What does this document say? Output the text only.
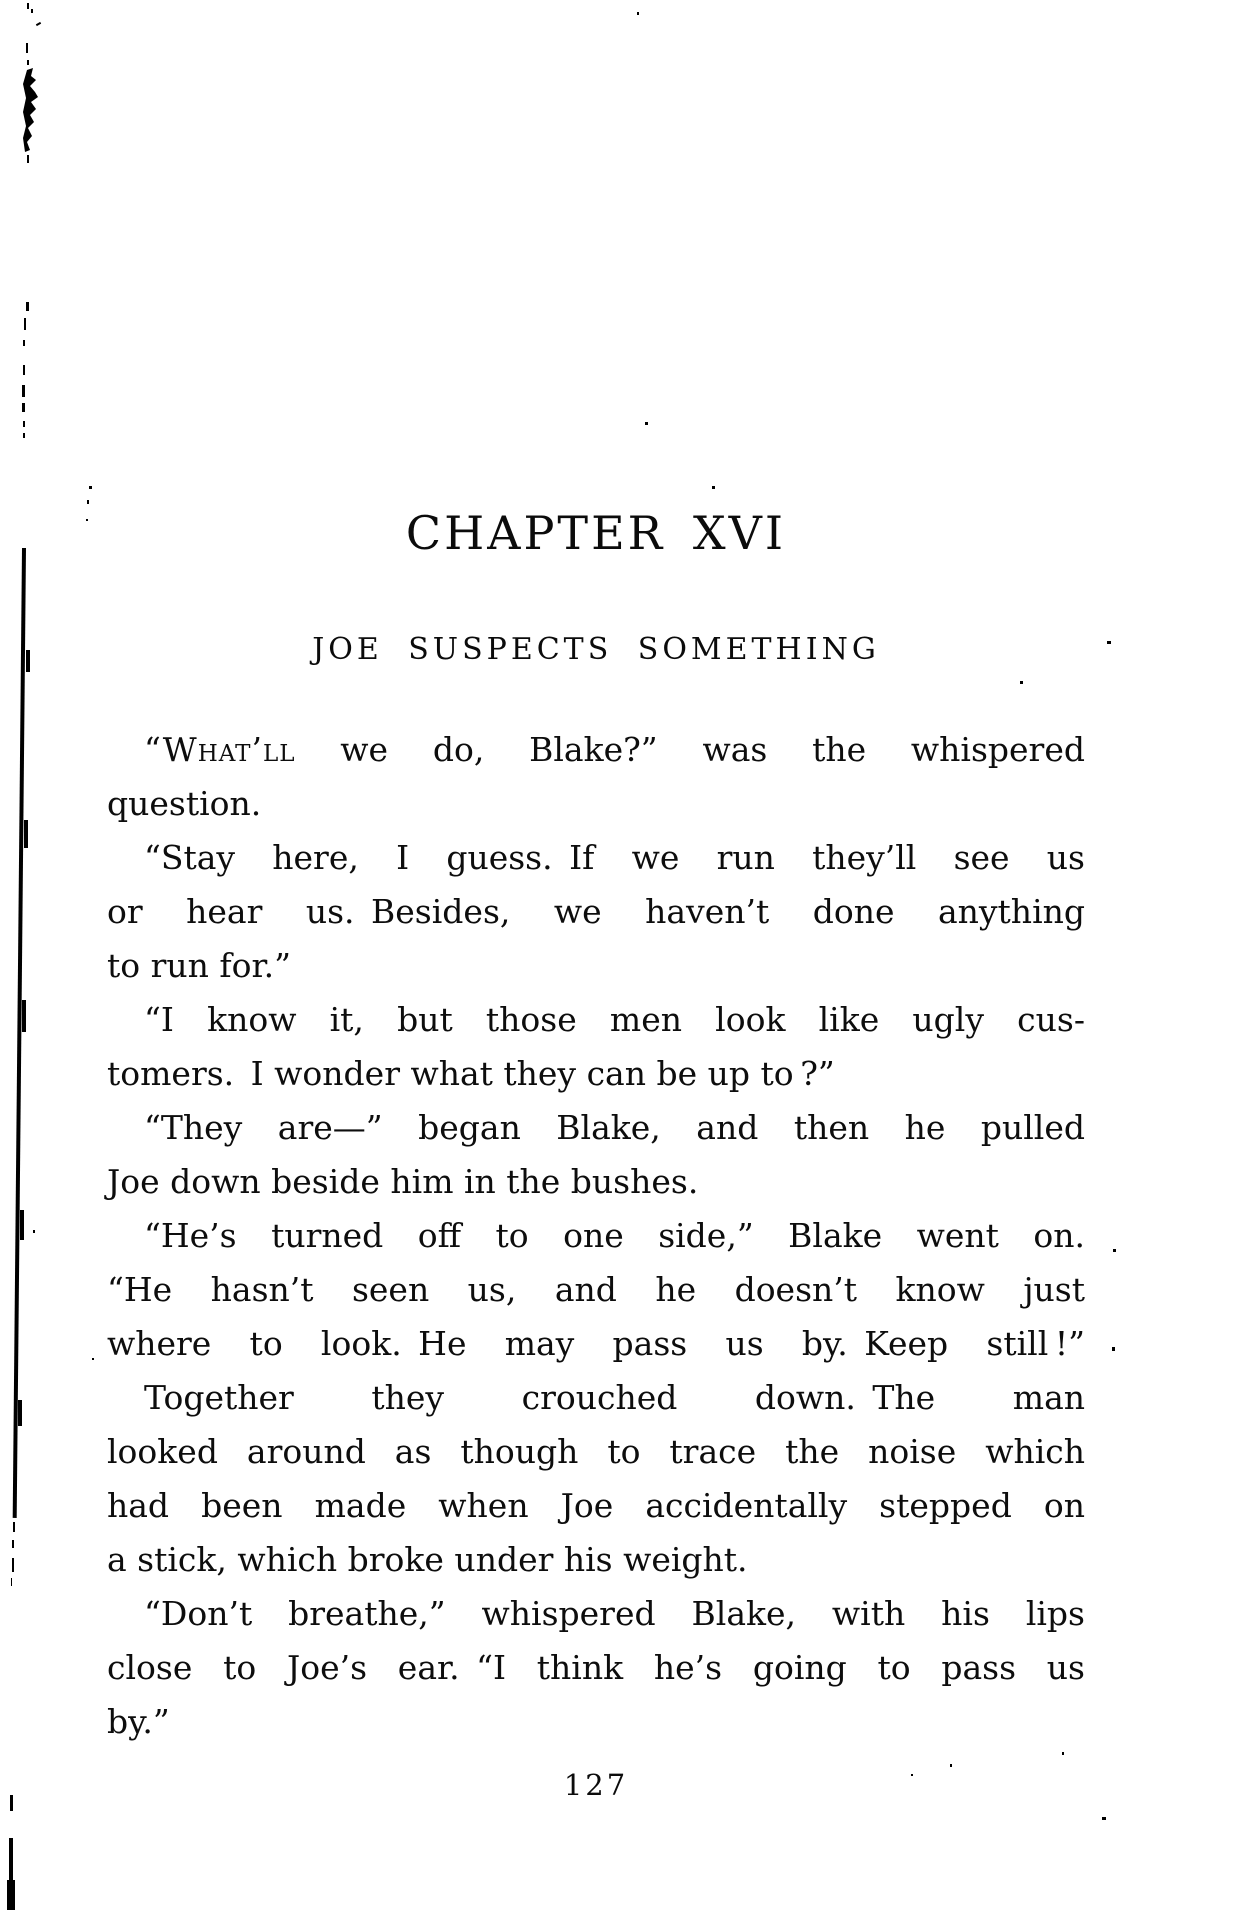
CHAPTER XVI
JOE SUSPECTS SOMETHING
“What’ll we do, Blake?” was the whispered
question.
“Stay here, I guess. If we run they’ll see us
or hear us. Besides, we haven’t done anything
to run for.”
“I know it, but those men look like ugly cus-
tomers. I wonder what they can be up to ?”
“They are—” began Blake, and then he pulled
Joe down beside him in the bushes.
“He’s turned off to one side,” Blake went on.
“He hasn’t seen us, and he doesn’t know just
where to look. He may pass us by. Keep still !”
Together they crouched down. The man
looked around as though to trace the noise which
had been made when Joe accidentally stepped on
a stick, which broke under his weight.
“Don’t breathe,” whispered Blake, with his lips
close to Joe’s ear. “I think he’s going to pass us
by.”
127
